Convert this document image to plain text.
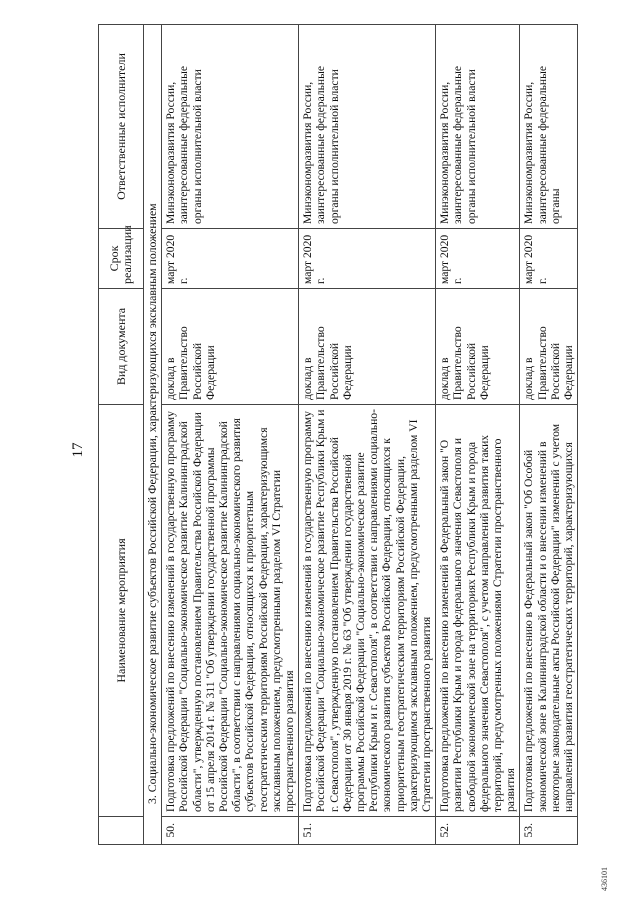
17
	Наименование мероприятия	Вид документа	Срок реализации	Ответственные исполнители
3. Социально-экономическое развитие субъектов Российской Федерации, характеризующихся эксклавным положением				
50.	Подготовка предложений по внесению изменений в государственную программу Российской Федерации "Социально-экономическое развитие Калининградской области", утвержденную постановлением Правительства Российской Федерации от 15 апреля 2014 г. № 311 "Об утверждении государственной программы Российской Федерации "Социально-экономическое развитие Калининградской области", в соответствии с направлениями социально-экономического развития субъектов Российской Федерации, относящихся к приоритетным геостратегическим территориям Российской Федерации, характеризующимся эксклавным положением, предусмотренными разделом VI Стратегии пространственного развития	доклад в Правительство Российской Федерации	март 2020 г.	Минэкономразвития России, заинтересованные федеральные органы исполнительной власти
51.	Подготовка предложений по внесению изменений в государственную программу Российской Федерации "Социально-экономическое развитие Республики Крым и г. Севастополя", утвержденную постановлением Правительства Российской Федерации от 30 января 2019 г. № 63 "Об утверждении государственной программы Российской Федерации "Социально-экономическое развитие Республики Крым и г. Севастополя", в соответствии с направлениями социально-экономического развития субъектов Российской Федерации, относящихся к приоритетным геостратегическим территориям Российской Федерации, характеризующимся эксклавным положением, предусмотренными разделом VI Стратегии пространственного развития	доклад в Правительство Российской Федерации	март 2020 г.	Минэкономразвития России, заинтересованные федеральные органы исполнительной власти
52.	Подготовка предложений по внесению изменений в Федеральный закон "О развитии Республики Крым и города федерального значения Севастополя и свободной экономической зоне на территориях Республики Крым и города федерального значения Севастополя", с учетом направлений развития таких территорий, предусмотренных положениями Стратегии пространственного развития	доклад в Правительство Российской Федерации	март 2020 г.	Минэкономразвития России, заинтересованные федеральные органы исполнительной власти
53.	Подготовка предложений по внесению в Федеральный закон "Об Особой экономической зоне в Калининградской области и о внесении изменений в некоторые законодательные акты Российской Федерации" изменений с учетом направлений развития геостратегических территорий, характеризующихся	доклад в Правительство Российской Федерации	март 2020 г.	Минэкономразвития России, заинтересованные федеральные органы
436101
